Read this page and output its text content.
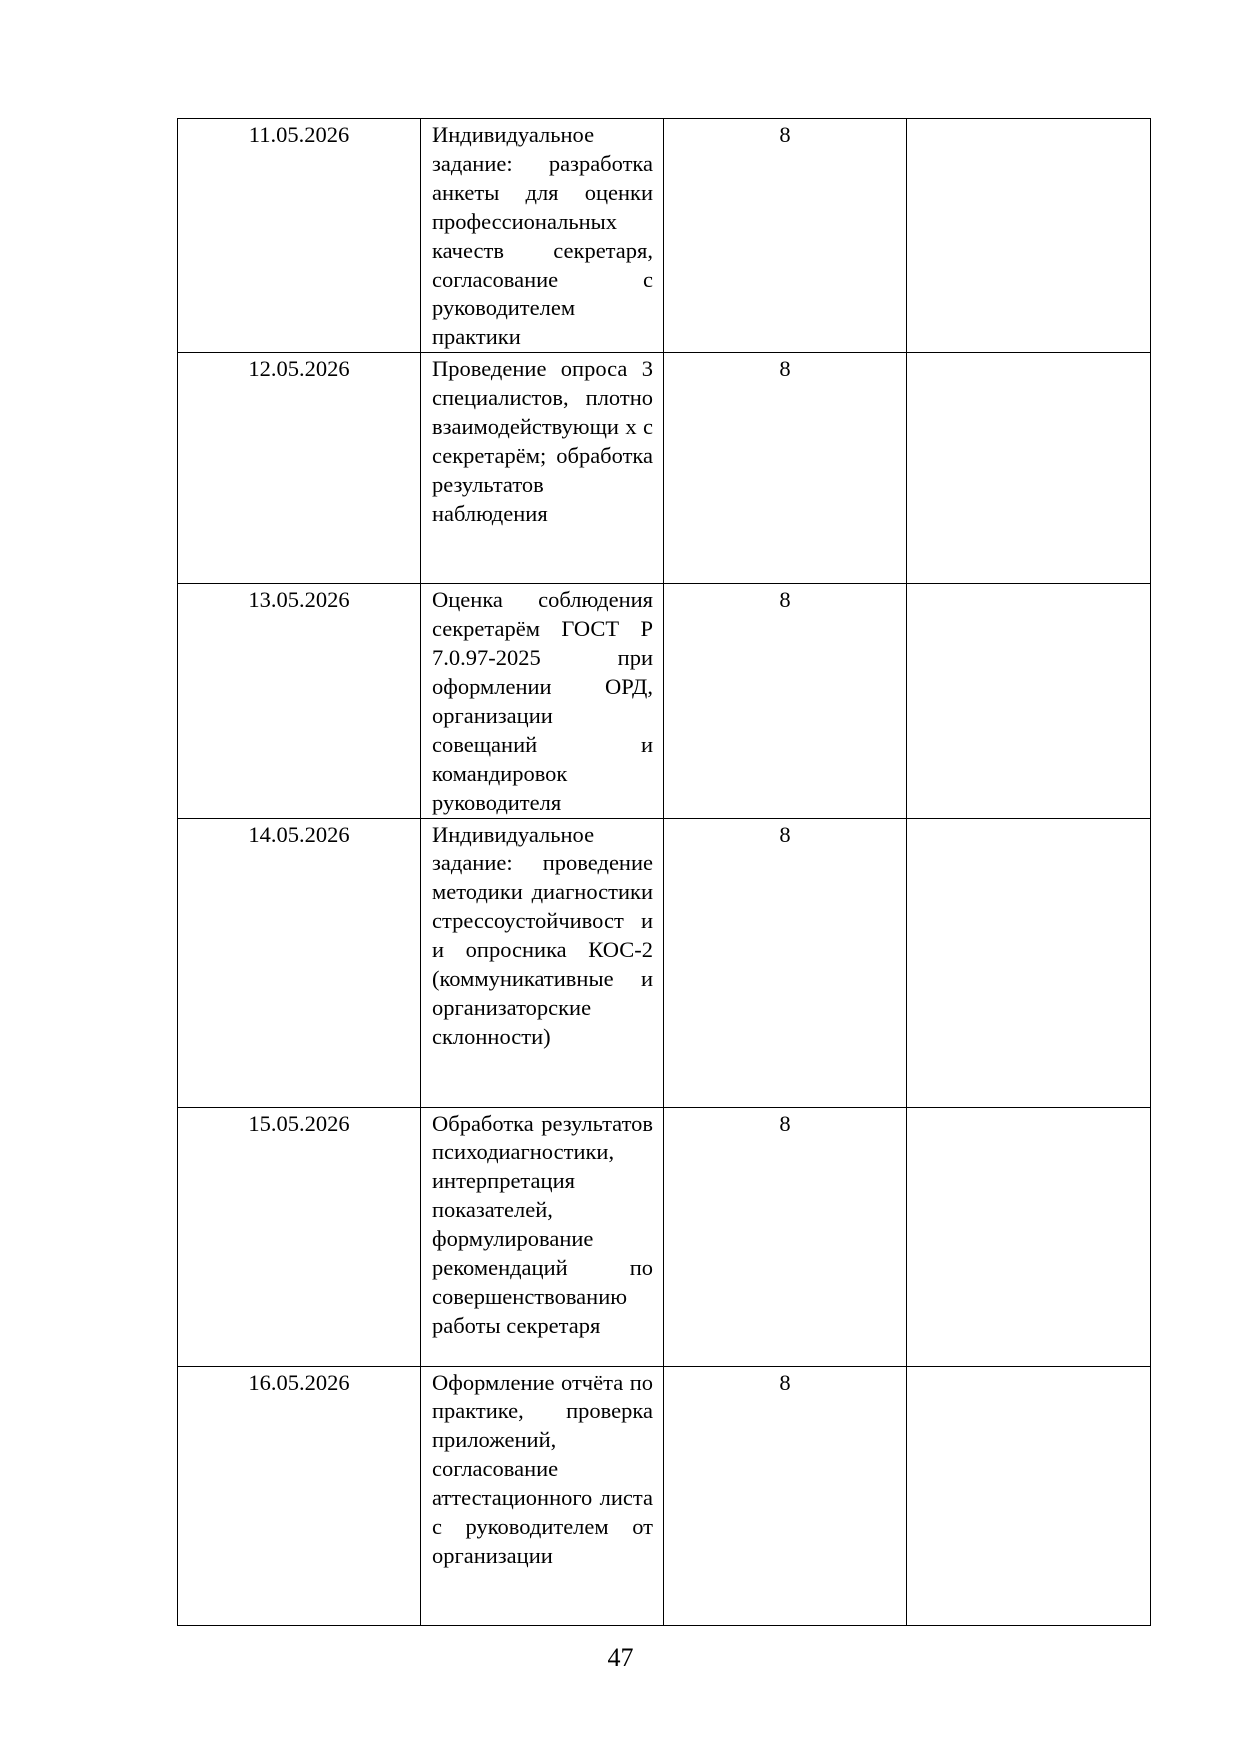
11.05.2026	Индивидуальное задание: разработка анкеты для оценки профессиональных качеств секретаря, согласование с руководителем практики	8	
12.05.2026	Проведение опроса 3 специалистов, плотно взаимодействующи х с секретарём; обработка результатов наблюдения	8	
13.05.2026	Оценка соблюдения секретарём ГОСТ Р 7.0.97-2025 при оформлении ОРД, организации совещаний и командировок руководителя	8	
14.05.2026	Индивидуальное задание: проведение методики диагностики стрессоустойчивост и и опросника КОС-2 (коммуникативные и организаторские склонности)	8	
15.05.2026	Обработка результатов психодиагностики, интерпретация показателей, формулирование рекомендаций по совершенствованию работы секретаря	8	
16.05.2026	Оформление отчёта по практике, проверка приложений, согласование аттестационного листа с руководителем от организации	8	
47
